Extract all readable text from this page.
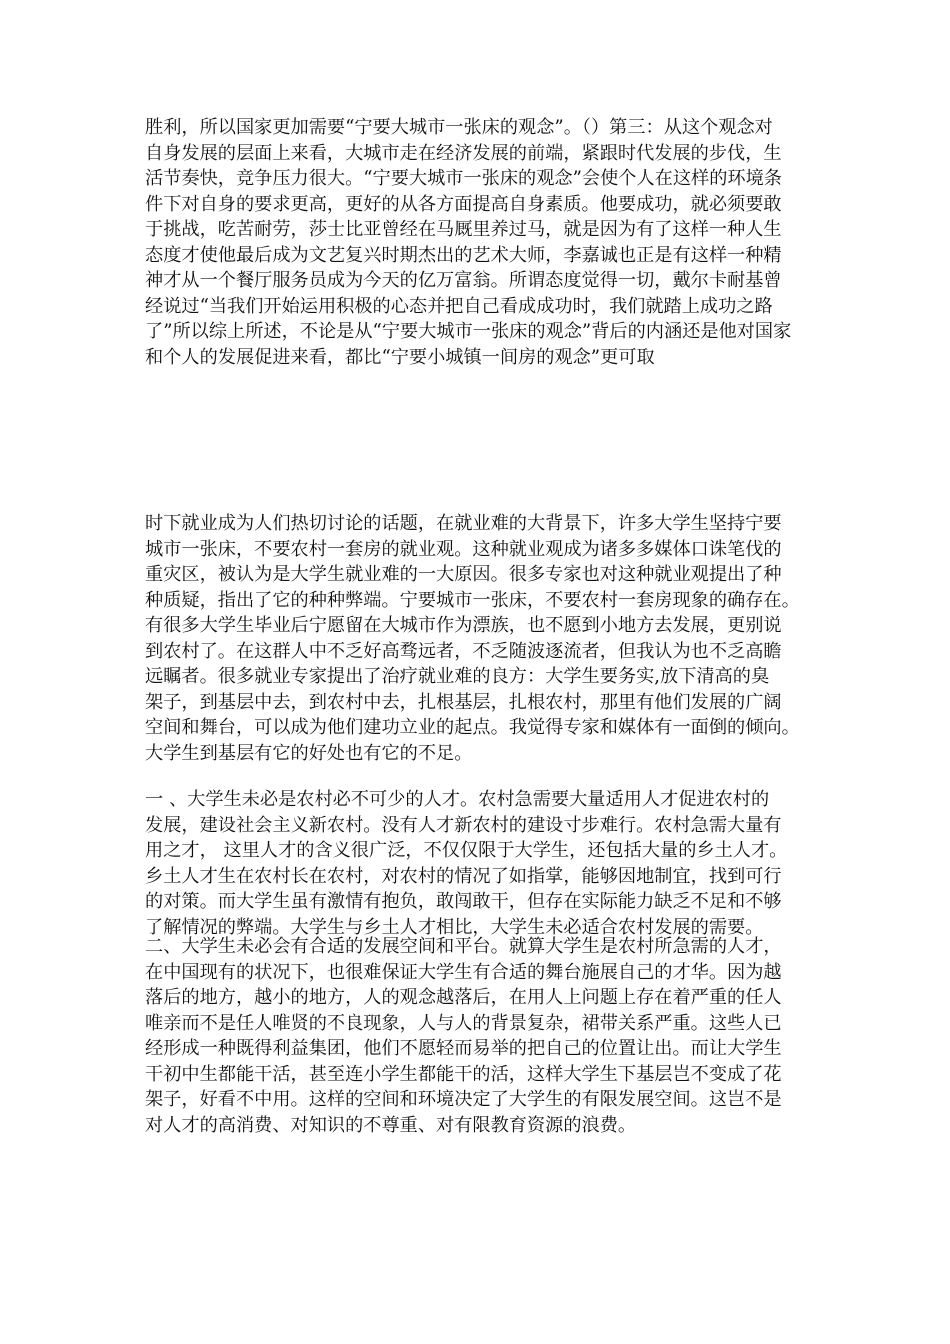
胜利，所以国家更加需要“宁要大城市一张床的观念”。（）第三：从这个观念对
自身发展的层面上来看，大城市走在经济发展的前端，紧跟时代发展的步伐，生
活节奏快，竞争压力很大。“宁要大城市一张床的观念”会使个人在这样的环境条
件下对自身的要求更高，更好的从各方面提高自身素质。他要成功，就必须要敢
于挑战，吃苦耐劳，莎士比亚曾经在马厩里养过马，就是因为有了这样一种人生
态度才使他最后成为文艺复兴时期杰出的艺术大师，李嘉诚也正是有这样一种精
神才从一个餐厅服务员成为今天的亿万富翁。所谓态度觉得一切，戴尔卡耐基曾
经说过“当我们开始运用积极的心态并把自己看成成功时，我们就踏上成功之路
了”所以综上所述，不论是从“宁要大城市一张床的观念”背后的内涵还是他对国家
和个人的发展促进来看，都比“宁要小城镇一间房的观念”更可取
时下就业成为人们热切讨论的话题，在就业难的大背景下，许多大学生坚持宁要
城市一张床，不要农村一套房的就业观。这种就业观成为诸多多媒体口诛笔伐的
重灾区，被认为是大学生就业难的一大原因。很多专家也对这种就业观提出了种
种质疑，指出了它的种种弊端。宁要城市一张床，不要农村一套房现象的确存在。
有很多大学生毕业后宁愿留在大城市作为漂族，也不愿到小地方去发展，更别说
到农村了。在这群人中不乏好高骛远者，不乏随波逐流者，但我认为也不乏高瞻
远瞩者。很多就业专家提出了治疗就业难的良方：大学生要务实,放下清高的臭
架子，到基层中去，到农村中去，扎根基层，扎根农村，那里有他们发展的广阔
空间和舞台，可以成为他们建功立业的起点。我觉得专家和媒体有一面倒的倾向。
大学生到基层有它的好处也有它的不足。
一 、大学生未必是农村必不可少的人才。农村急需要大量适用人才促进农村的
发展，建设社会主义新农村。没有人才新农村的建设寸步难行。农村急需大量有
用之才， 这里人才的含义很广泛，不仅仅限于大学生，还包括大量的乡土人才。
乡土人才生在农村长在农村，对农村的情况了如指掌，能够因地制宜，找到可行
的对策。而大学生虽有激情有抱负，敢闯敢干，但存在实际能力缺乏不足和不够
了解情况的弊端。大学生与乡土人才相比，大学生未必适合农村发展的需要。
二、大学生未必会有合适的发展空间和平台。就算大学生是农村所急需的人才，
在中国现有的状况下，也很难保证大学生有合适的舞台施展自己的才华。因为越
落后的地方，越小的地方，人的观念越落后，在用人上问题上存在着严重的任人
唯亲而不是任人唯贤的不良现象，人与人的背景复杂，裙带关系严重。这些人已
经形成一种既得利益集团，他们不愿轻而易举的把自己的位置让出。而让大学生
干初中生都能干活，甚至连小学生都能干的活，这样大学生下基层岂不变成了花
架子，好看不中用。这样的空间和环境决定了大学生的有限发展空间。这岂不是
对人才的高消费、对知识的不尊重、对有限教育资源的浪费。
